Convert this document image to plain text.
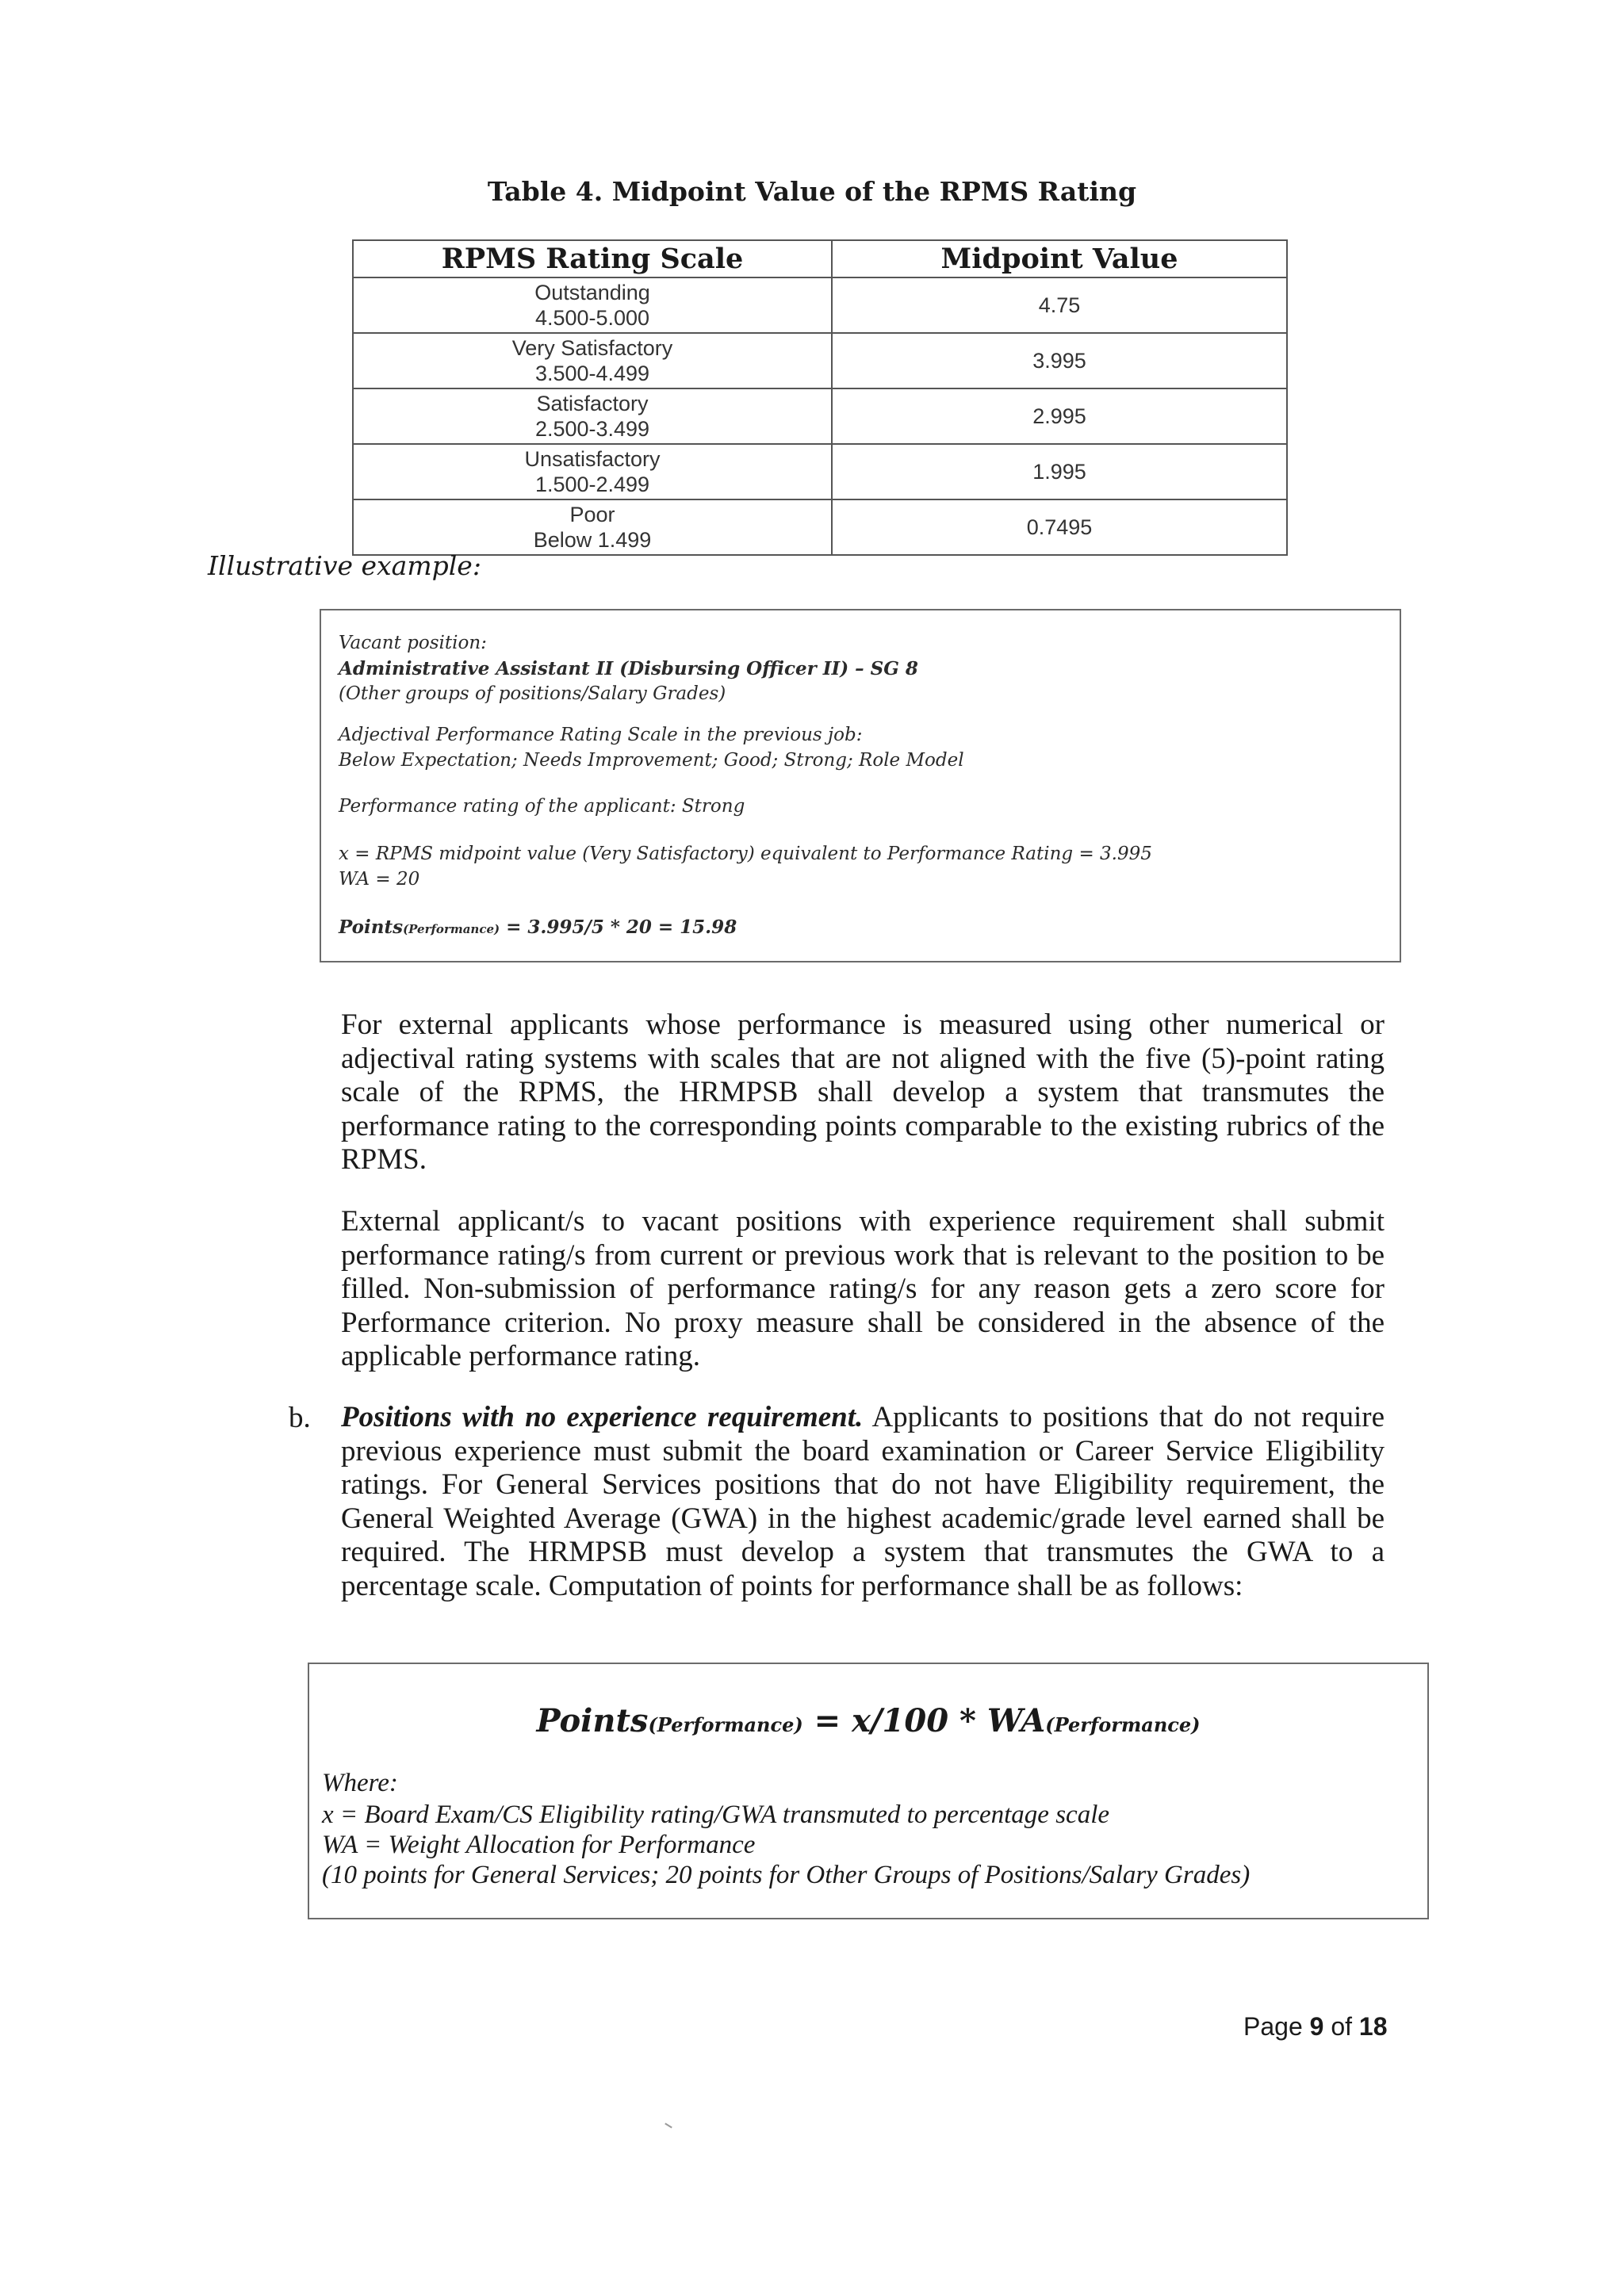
Table 4. Midpoint Value of the RPMS Rating
RPMS Rating Scale	Midpoint Value

Outstanding
4.500-5.000	4.75

Very Satisfactory
3.500-4.499	3.995

Satisfactory
2.500-3.499	2.995

Unsatisfactory
1.500-2.499	1.995

Poor
Below 1.499	0.7495
Illustrative example:
Vacant position:
Administrative Assistant II (Disbursing Officer II) – SG 8
(Other groups of positions/Salary Grades)
Adjectival Performance Rating Scale in the previous job:
Below Expectation; Needs Improvement; Good; Strong; Role Model
Performance rating of the applicant: Strong
x = RPMS midpoint value (Very Satisfactory) equivalent to Performance Rating = 3.995
WA = 20
Points(Performance) = 3.995/5 * 20 = 15.98
For external applicants whose performance is measured using other numerical or adjectival rating systems with scales that are not aligned with the five (5)-point rating scale of the RPMS, the HRMPSB shall develop a system that transmutes the performance rating to the corresponding points comparable to the existing rubrics of the RPMS.
External applicant/s to vacant positions with experience requirement shall submit performance rating/s from current or previous work that is relevant to the position to be filled. Non-submission of performance rating/s for any reason gets a zero score for Performance criterion. No proxy measure shall be considered in the absence of the applicable performance rating.
b. Positions with no experience requirement. Applicants to positions that do not require previous experience must submit the board examination or Career Service Eligibility ratings. For General Services positions that do not have Eligibility requirement, the General Weighted Average (GWA) in the highest academic/grade level earned shall be required. The HRMPSB must develop a system that transmutes the GWA to a percentage scale. Computation of points for performance shall be as follows:
Points(Performance) = x/100 * WA(Performance)
Where:
x = Board Exam/CS Eligibility rating/GWA transmuted to percentage scale
WA = Weight Allocation for Performance
(10 points for General Services; 20 points for Other Groups of Positions/Salary Grades)
Page 9 of 18
